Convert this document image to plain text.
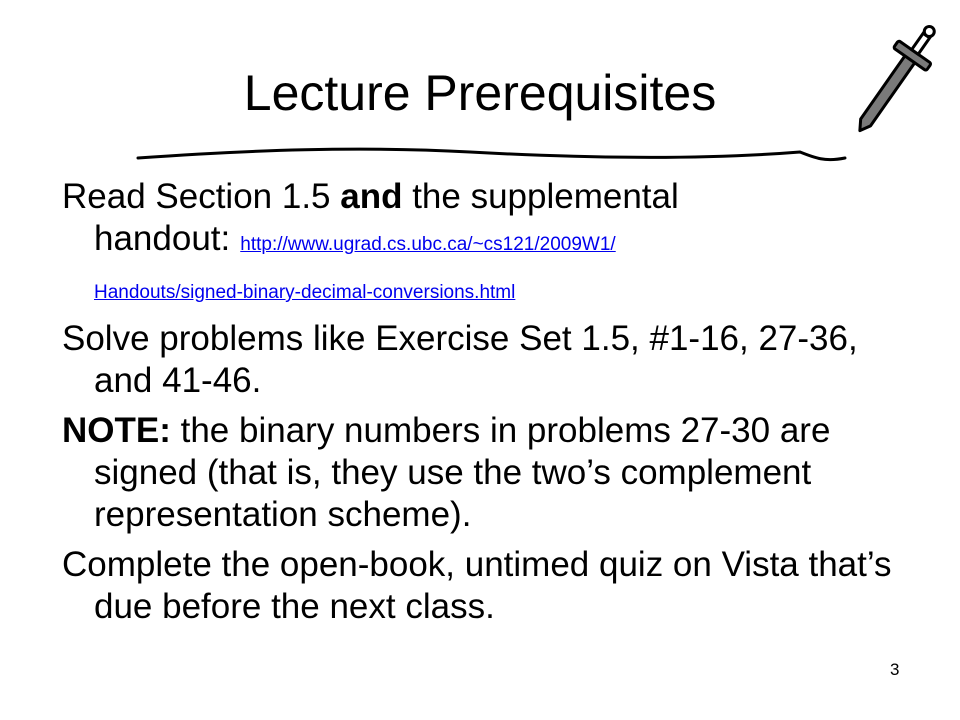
Lecture Prerequisites

Read Section 1.5 and the supplemental handout: http://www.ugrad.cs.ubc.ca/~cs121/2009W1/
Handouts/signed-binary-decimal-conversions.html

Solve problems like Exercise Set 1.5, #1-16, 27-36, and 41-46.

NOTE: the binary numbers in problems 27-30 are signed (that is, they use the two’s complement representation scheme).

Complete the open-book, untimed quiz on Vista that’s due before the next class.

3
